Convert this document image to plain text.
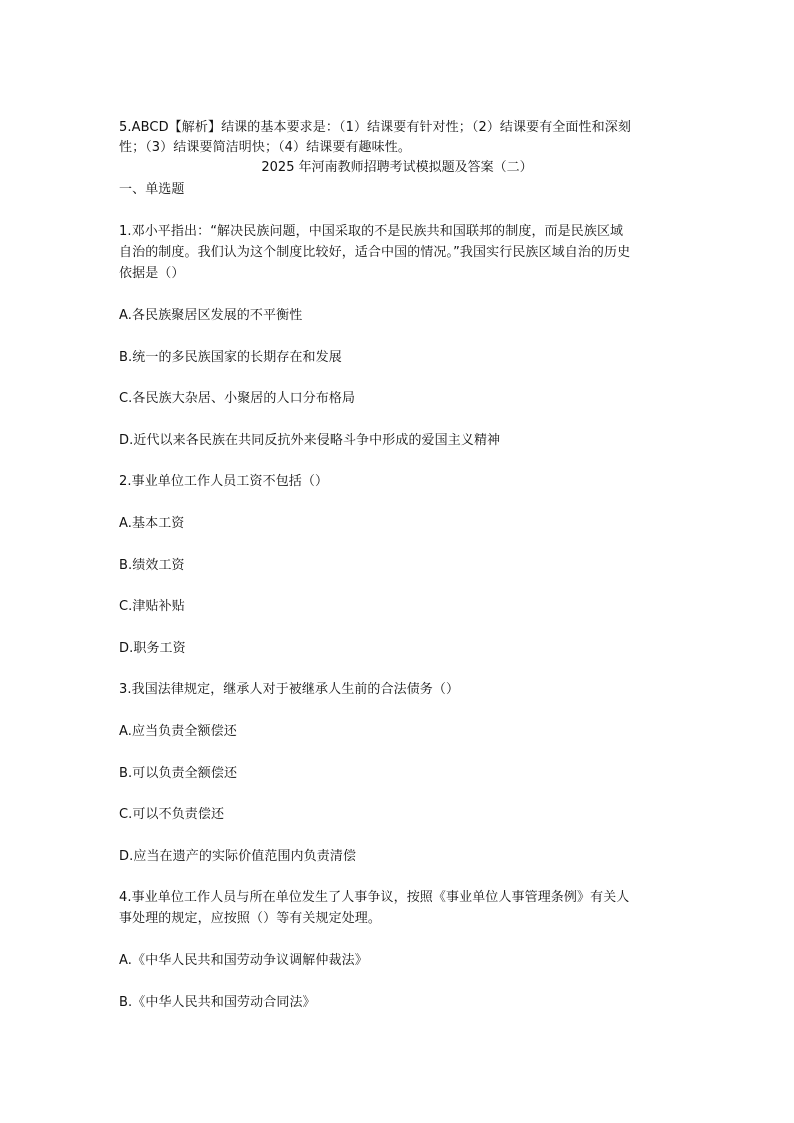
5.ABCD【解析】结课的基本要求是：（1）结课要有针对性；（2）结课要有全面性和深刻
性；（3）结课要简洁明快；（4）结课要有趣味性。
2025 年河南教师招聘考试模拟题及答案（二）
一、单选题
1.邓小平指出：“解决民族问题，中国采取的不是民族共和国联邦的制度，而是民族区域
自治的制度。我们认为这个制度比较好，适合中国的情况。”我国实行民族区域自治的历史
依据是（）
A.各民族聚居区发展的不平衡性
B.统一的多民族国家的长期存在和发展
C.各民族大杂居、小聚居的人口分布格局
D.近代以来各民族在共同反抗外来侵略斗争中形成的爱国主义精神
2.事业单位工作人员工资不包括（）
A.基本工资
B.绩效工资
C.津贴补贴
D.职务工资
3.我国法律规定，继承人对于被继承人生前的合法债务（）
A.应当负责全额偿还
B.可以负责全额偿还
C.可以不负责偿还
D.应当在遗产的实际价值范围内负责清偿
4.事业单位工作人员与所在单位发生了人事争议，按照《事业单位人事管理条例》有关人
事处理的规定，应按照（）等有关规定处理。
A.《中华人民共和国劳动争议调解仲裁法》
B.《中华人民共和国劳动合同法》
